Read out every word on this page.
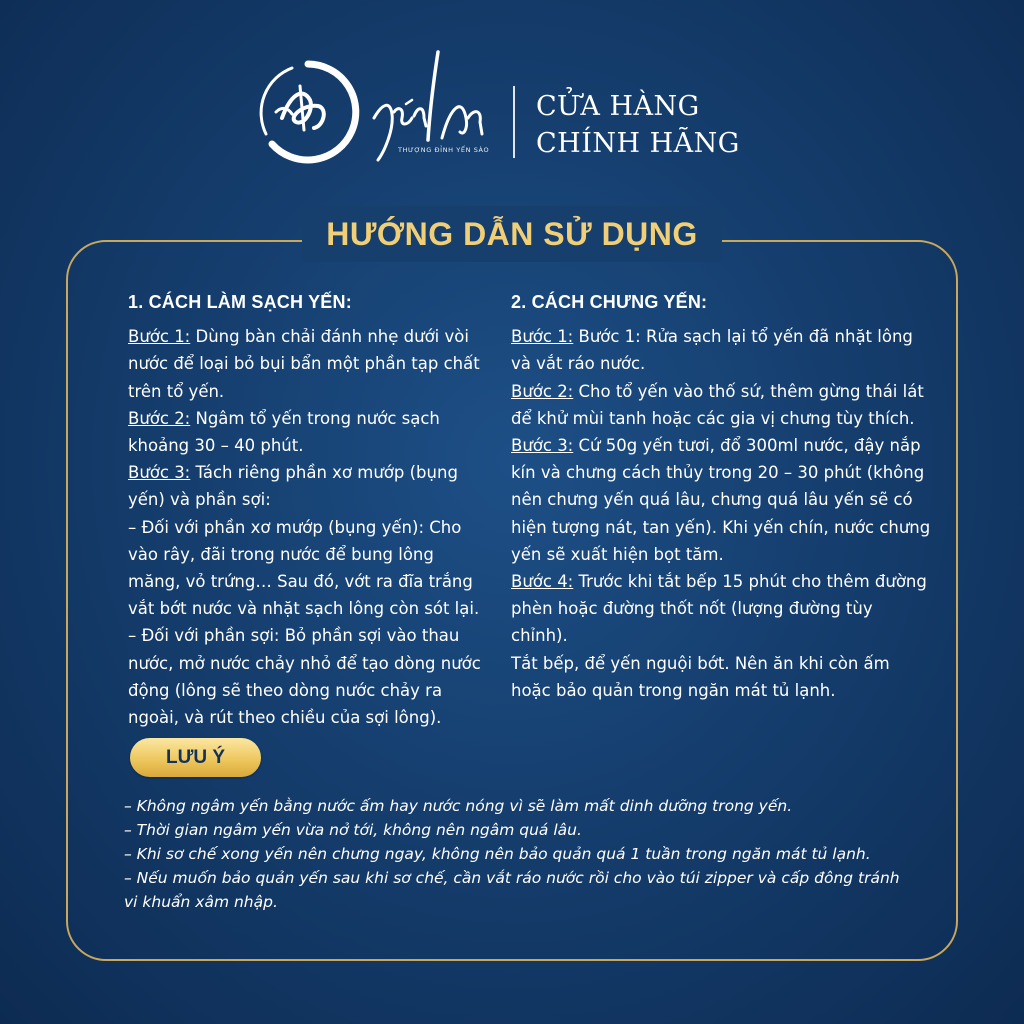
THƯỢNG ĐỈNH YẾN SÀO
CỬA HÀNG
CHÍNH HÃNG
HƯỚNG DẪN SỬ DỤNG
1. CÁCH LÀM SẠCH YẾN:

Bước 1: Dùng bàn chải đánh nhẹ dưới vòi nước để loại bỏ bụi bẩn một phần tạp chất trên tổ yến.

Bước 2: Ngâm tổ yến trong nước sạch khoảng 30 – 40 phút.

Bước 3: Tách riêng phần xơ mướp (bụng yến) và phần sợi:

– Đối với phần xơ mướp (bụng yến): Cho vào rây, đãi trong nước để bung lông măng, vỏ trứng… Sau đó, vớt ra đĩa trắng vắt bớt nước và nhặt sạch lông còn sót lại.

– Đối với phần sợi: Bỏ phần sợi vào thau nước, mở nước chảy nhỏ để tạo dòng nước động (lông sẽ theo dòng nước chảy ra ngoài, và rút theo chiều của sợi lông).

2. CÁCH CHƯNG YẾN:

Bước 1: Bước 1: Rửa sạch lại tổ yến đã nhặt lông và vắt ráo nước.

Bước 2: Cho tổ yến vào thố sứ, thêm gừng thái lát để khử mùi tanh hoặc các gia vị chưng tùy thích.

Bước 3: Cứ 50g yến tươi, đổ 300ml nước, đậy nắp kín và chưng cách thủy trong 20 – 30 phút (không nên chưng yến quá lâu, chưng quá lâu yến sẽ có hiện tượng nát, tan yến). Khi yến chín, nước chưng yến sẽ xuất hiện bọt tăm.

Bước 4: Trước khi tắt bếp 15 phút cho thêm đường phèn hoặc đường thốt nốt (lượng đường tùy chỉnh).

Tắt bếp, để yến nguội bớt. Nên ăn khi còn ấm hoặc bảo quản trong ngăn mát tủ lạnh.

LƯU Ý

– Không ngâm yến bằng nước ấm hay nước nóng vì sẽ làm mất dinh dưỡng trong yến.

– Thời gian ngâm yến vừa nở tới, không nên ngâm quá lâu.

– Khi sơ chế xong yến nên chưng ngay, không nên bảo quản quá 1 tuần trong ngăn mát tủ lạnh.

– Nếu muốn bảo quản yến sau khi sơ chế, cần vắt ráo nước rồi cho vào túi zipper và cấp đông tránh vi khuẩn xâm nhập.
